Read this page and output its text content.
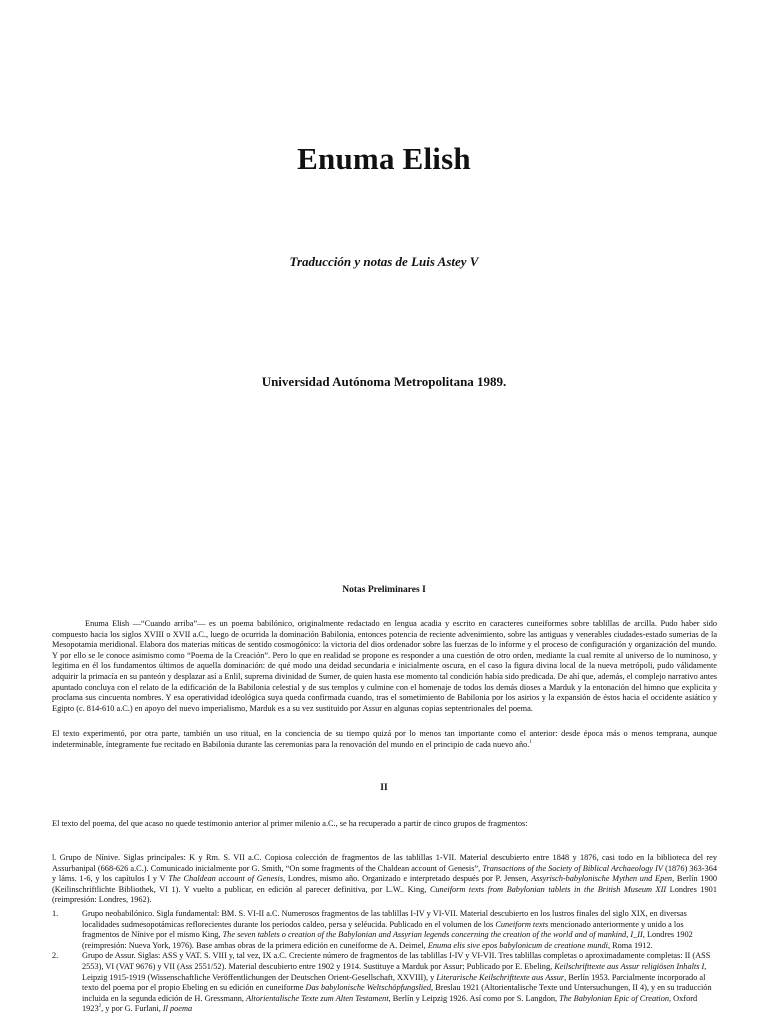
Enuma Elish
Traducción y notas de Luis Astey V
Universidad Autónoma Metropolitana 1989.
Notas Preliminares I

Enuma Elish —“Cuando arriba”— es un poema babilónico, originalmente redactado en lengua acadia y escrito en caracteres cuneiformes sobre tablillas de arcilla. Pudo haber sido compuesto hacia los siglos XVIII o XVII a.C., luego de ocurrida la dominación Babilonia, entonces potencia de reciente advenimiento, sobre las antiguas y venerables ciudades-estado sumerias de la Mesopotamia meridional. Elabora dos materias míticas de sentido cosmogónico: la victoria del dios ordenador sobre las fuerzas de lo informe y el proceso de configuración y organización del mundo. Y por ello se le conoce asimismo como “Poema de la Creación”. Pero lo que en realidad se propone es responder a una cuestión de otro orden, mediante la cual remite al universo de lo numinoso, y legitima en él los fundamentos últimos de aquella dominación: de qué modo una deidad secundaria e inicialmente oscura, en el caso la figura divina local de la nueva metrópoli, pudo válidamente adquirir la primacía en su panteón y desplazar así a Enlil, suprema divinidad de Sumer, de quien hasta ese momento tal condición había sido predicada. De ahí que, además, el complejo narrativo antes apuntado concluya con el relato de la edificación de la Babilonia celestial y de sus templos y culmine con el homenaje de todos los demás dioses a Marduk y la entonación del himno que explicita y proclama sus cincuenta nombres. Y esa operatividad ideológica suya queda confirmada cuando, tras el sometimiento de Babilonia por los asirios y la expansión de éstos hacia el occidente asiático y Egipto (c. 814-610 a.C.) en apoyo del nuevo imperialismo, Marduk es a su vez sustituido por Assur en algunas copias septentrionales del poema.

El texto experimentó, por otra parte, también un uso ritual, en la conciencia de su tiempo quizá por lo menos tan importante como el anterior: desde época más o menos temprana, aunque indeterminable, íntegramente fue recitado en Babilonia durante las ceremonias para la renovación del mundo en el principio de cada nuevo año.$^1$

II

El texto del poema, del que acaso no quede testimonio anterior al primer milenio a.C., se ha recuperado a partir de cinco grupos de fragmentos:

l. Grupo de Nínive. Siglas principales: K y Rm. S. VII a.C. Copiosa colección de fragmentos de las tablillas 1-VII. Material descubierto entre 1848 y 1876, casi todo en la biblioteca del rey Assurbanipal (668-626 a.C.). Comunicado inicialmente por G. Smith, “On some fragments of the Chaldean account of Genesis”, Transactions of the Society of Biblical Archaeology IV (1876) 363-364 y láms. 1-6, y los capítulos I y V The Chaldean account of Genesis, Londres, mismo año. Organizado e interpretado después por P. Jensen, Assyrisch-babylonische Mythen und Epen, Berlín 1900 (Keilinschriftlichte Bibliothek, VI 1). Y vuelto a publicar, en edición al parecer definitiva, por L.W.. King, Cuneiform texts from Babylonian tablets in the British Museum XII Londres 1901 (reimpresión: Londres, 1962).

1.	Grupo neobabilónico. Sigla fundamental: BM. S. VI-II a.C. Numerosos fragmentos de las tablillas I-IV y VI-VII. Material descubierto en los lustros finales del siglo XIX, en diversas localidades sudmesopotámicas reflorecientes durante los periodos caldeo, persa y seléucida. Publicado en el volumen de los Cuneiform texts mencionado anteriormente y unido a los fragmentos de Nínive por el mismo King, The seven tablets o creation of the Babylonian and Assyrian legends concerning the creation of the world and of mankind, I_II, Londres 1902 (reimpresión: Nueva York, 1976). Base ambas obras de la primera edición en cuneiforme de A. Deimel, Enuma elis sive epos babylonicum de creatione mundi, Roma 1912.
2.	Grupo de Assur. Siglas: ASS y VAT. S. VIII y, tal vez, IX a.C. Creciente número de fragmentos de las tablillas I-IV y VI-VII. Tres tablillas completas o aproximadamente completas: II (ASS 2553), VI (VAT 9676) y VII (Ass 2551/52). Material descubierto entre 1902 y 1914. Sustituye a Marduk por Assur; Publicado por E. Ebeling, Keilschrifttexte aus Assur religiösen Inhalts I, Leipzig 1915-1919 (Wissenschaftliche Veröffentlichungen der Deutschen Orient-Gesellschaft, XXVIII), y Literarische Keilschrifttexte aus Assur, Berlín 1953. Parcialmente incorporado al texto del poema por el propio Ebeling en su edición en cuneiforme Das babylonische Weltschöpfungslied, Breslau 1921 (Altorientalische Texte und Untersuchungen, II 4), y en su traducción incluida en la segunda edición de H. Gressmann, Altorientalische Texte zum Alten Testament, Berlín y Leipzig 1926. Así como por S. Langdon, The Babylonian Epic of Creation, Oxford 1923$^2$, y por G. Furlani, Il poema
